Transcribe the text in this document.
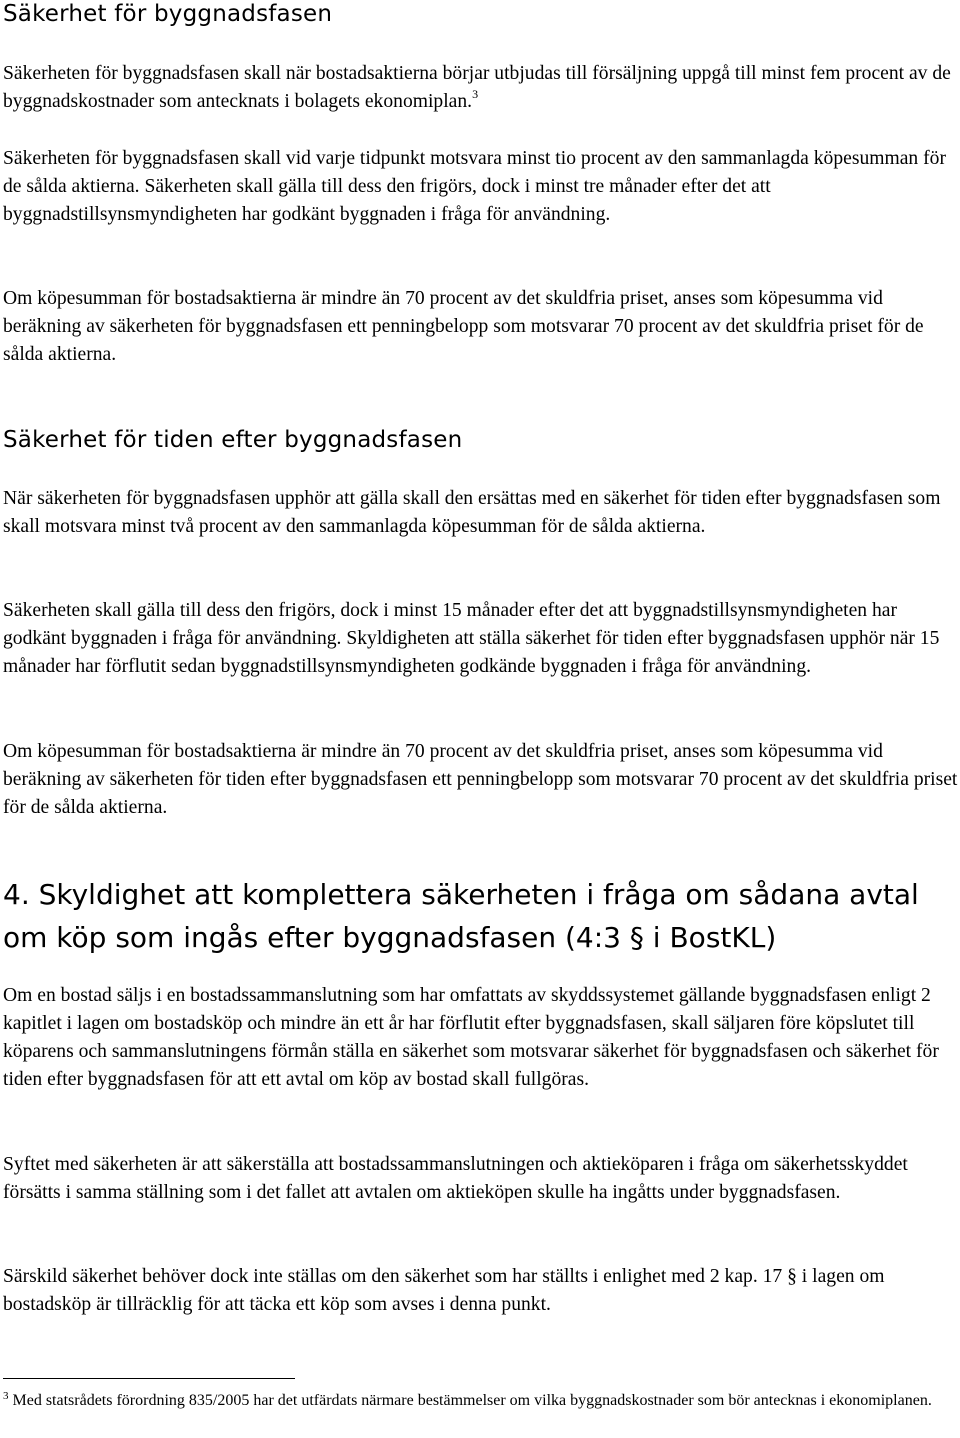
Säkerhet för byggnadsfasen

Säkerheten för byggnadsfasen skall när bostadsaktierna börjar utbjudas till försäljning uppgå till minst fem procent av de byggnadskostnader som antecknats i bolagets ekonomiplan.$^3$

Säkerheten för byggnadsfasen skall vid varje tidpunkt motsvara minst tio procent av den sammanlagda köpesumman för de sålda aktierna. Säkerheten skall gälla till dess den frigörs, dock i minst tre månader efter det att byggnadstillsynsmyndigheten har godkänt byggnaden i fråga för användning.

Om köpesumman för bostadsaktierna är mindre än 70 procent av det skuldfria priset, anses som köpesumma vid beräkning av säkerheten för byggnadsfasen ett penningbelopp som motsvarar 70 procent av det skuldfria priset för de sålda aktierna.

Säkerhet för tiden efter byggnadsfasen

När säkerheten för byggnadsfasen upphör att gälla skall den ersättas med en säkerhet för tiden efter byggnadsfasen som skall motsvara minst två procent av den sammanlagda köpesumman för de sålda aktierna.

Säkerheten skall gälla till dess den frigörs, dock i minst 15 månader efter det att byggnadstillsynsmyndigheten har godkänt byggnaden i fråga för användning. Skyldigheten att ställa säkerhet för tiden efter byggnadsfasen upphör när 15 månader har förflutit sedan byggnadstillsynsmyndigheten godkände byggnaden i fråga för användning.

Om köpesumman för bostadsaktierna är mindre än 70 procent av det skuldfria priset, anses som köpesumma vid beräkning av säkerheten för tiden efter byggnadsfasen ett penningbelopp som motsvarar 70 procent av det skuldfria priset för de sålda aktierna.

4. Skyldighet att komplettera säkerheten i fråga om sådana avtal om köp som ingås efter byggnadsfasen (4:3 § i BostKL)

Om en bostad säljs i en bostadssammanslutning som har omfattats av skyddssystemet gällande byggnadsfasen enligt 2 kapitlet i lagen om bostadsköp och mindre än ett år har förflutit efter byggnadsfasen, skall säljaren före köpslutet till köparens och sammanslutningens förmån ställa en säkerhet som motsvarar säkerhet för byggnadsfasen och säkerhet för tiden efter byggnadsfasen för att ett avtal om köp av bostad skall fullgöras.

Syftet med säkerheten är att säkerställa att bostadssammanslutningen och aktieköparen i fråga om säkerhetsskyddet försätts i samma ställning som i det fallet att avtalen om aktieköpen skulle ha ingåtts under byggnadsfasen.

Särskild säkerhet behöver dock inte ställas om den säkerhet som har ställts i enlighet med 2 kap. 17 § i lagen om bostadsköp är tillräcklig för att täcka ett köp som avses i denna punkt.

$^3$ Med statsrådets förordning 835/2005 har det utfärdats närmare bestämmelser om vilka byggnadskostnader som bör antecknas i ekonomiplanen.
